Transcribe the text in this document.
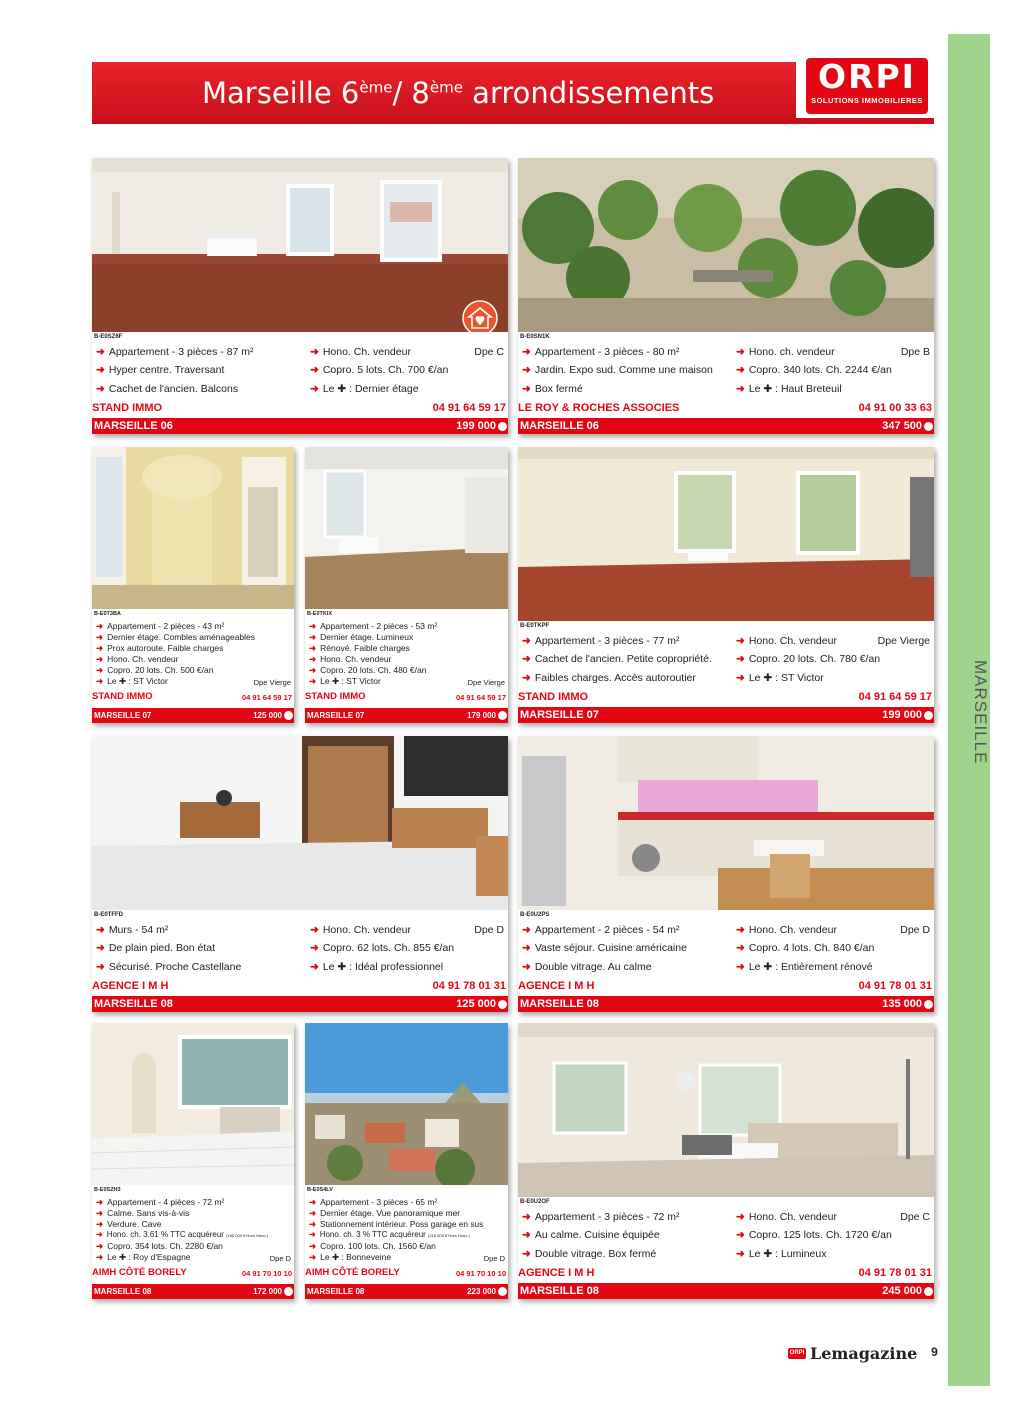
MARSEILLE
Marseille 6ème/ 8ème arrondissements	ORPI
SOLUTIONS IMMOBILIERES
B-E0SZ6F
➜ Appartement - 3 pièces - 87 m²
➜ Hyper centre. Traversant
➜ Cachet de l'ancien. Balcons
➜ Hono. Ch. vendeur
➜ Copro. 5 lots. Ch. 700 €/an
➜ Le ✚ : Dernier étage
Dpe C
STAND IMMO	04 91 64 59 17
MARSEILLE 06	199 000
B-E0SN1K
➜ Appartement - 3 pièces - 80 m²
➜ Jardin. Expo sud. Comme une maison
➜ Box fermé
➜ Hono. ch. vendeur
➜ Copro. 340 lots. Ch. 2244 €/an
➜ Le ✚ : Haut Breteuil
Dpe B
LE ROY & ROCHES ASSOCIES	04 91 00 33 63
MARSEILLE 06	347 500
B-E0T3BA
➜ Appartement - 2 pièces - 43 m²
➜ Dernier étage. Combles aménageables
➜ Prox autoroute. Faible charges
➜ Hono. Ch. vendeur
➜ Copro. 20 lots. Ch. 500 €/an
➜ Le ✚ : ST Victor	Dpe Vierge
STAND IMMO	04 91 64 59 17
MARSEILLE 07	125 000
B-E0TKIX
➜ Appartement - 2 pièces - 53 m²
➜ Dernier étage. Lumineux
➜ Rénové. Faible charges
➜ Hono. Ch. vendeur
➜ Copro. 20 lots. Ch. 480 €/an
➜ Le ✚ : ST Victor	Dpe Vierge
STAND IMMO	04 91 64 59 17
MARSEILLE 07	179 000
B-E0TKPF
➜ Appartement - 3 pièces - 77 m²
➜ Cachet de l'ancien. Petite copropriété.
➜ Faibles charges. Accès autoroutier
➜ Hono. Ch. vendeur
➜ Copro. 20 lots. Ch. 780 €/an
➜ Le ✚ : ST Victor
Dpe Vierge
STAND IMMO	04 91 64 59 17
MARSEILLE 07	199 000
B-E0TFFD
➜ Murs - 54 m²
➜ De plain pied. Bon état
➜ Sécurisé. Proche Castellane
➜ Hono. Ch. vendeur
➜ Copro. 62 lots. Ch. 855 €/an
➜ Le ✚ : Idéal professionnel
Dpe D
AGENCE I M H	04 91 78 01 31
MARSEILLE 08	125 000
B-E0U2PS
➜ Appartement - 2 pièces - 54 m²
➜ Vaste séjour. Cuisine américaine
➜ Double vitrage. Au calme
➜ Hono. Ch. vendeur
➜ Copro. 4 lots. Ch. 840 €/an
➜ Le ✚ : Entièrement rénové
Dpe D
AGENCE I M H	04 91 78 01 31
MARSEILLE 08	135 000
B-E0SZH3
➜ Appartement - 4 pièces - 72 m²
➜ Calme. Sans vis-à-vis
➜ Verdure. Cave
➜ Hono. ch. 3.61 % TTC acquéreur (166 000 € Hors Hono.)
➜ Copro. 354 lots. Ch. 2280 €/an
➜ Le ✚ : Roy d'Espagne	Dpe D
AIMH CÔTÉ BORELY	04 91 70 10 10
MARSEILLE 08	172 000
B-E0S4LV
➜ Appartement - 3 pièces - 65 m²
➜ Dernier étage. Vue panoramique mer
➜ Stationnement intérieur. Poss garage en sus
➜ Hono. ch. 3 % TTC acquéreur (216 505 € Hors Hono.)
➜ Copro. 100 lots. Ch. 1560 €/an
➜ Le ✚ : Bonneveine	Dpe D
AIMH CÔTÉ BORELY	04 91 70 10 10
MARSEILLE 08	223 000
B-E0U2OF
➜ Appartement - 3 pièces - 72 m²
➜ Au calme. Cuisine équipée
➜ Double vitrage. Box fermé
➜ Hono. Ch. vendeur
➜ Copro. 125 lots. Ch. 1720 €/an
➜ Le ✚ : Lumineux
Dpe C
AGENCE I M H	04 91 78 01 31
MARSEILLE 08	245 000
ORPI Lemagazine	9
